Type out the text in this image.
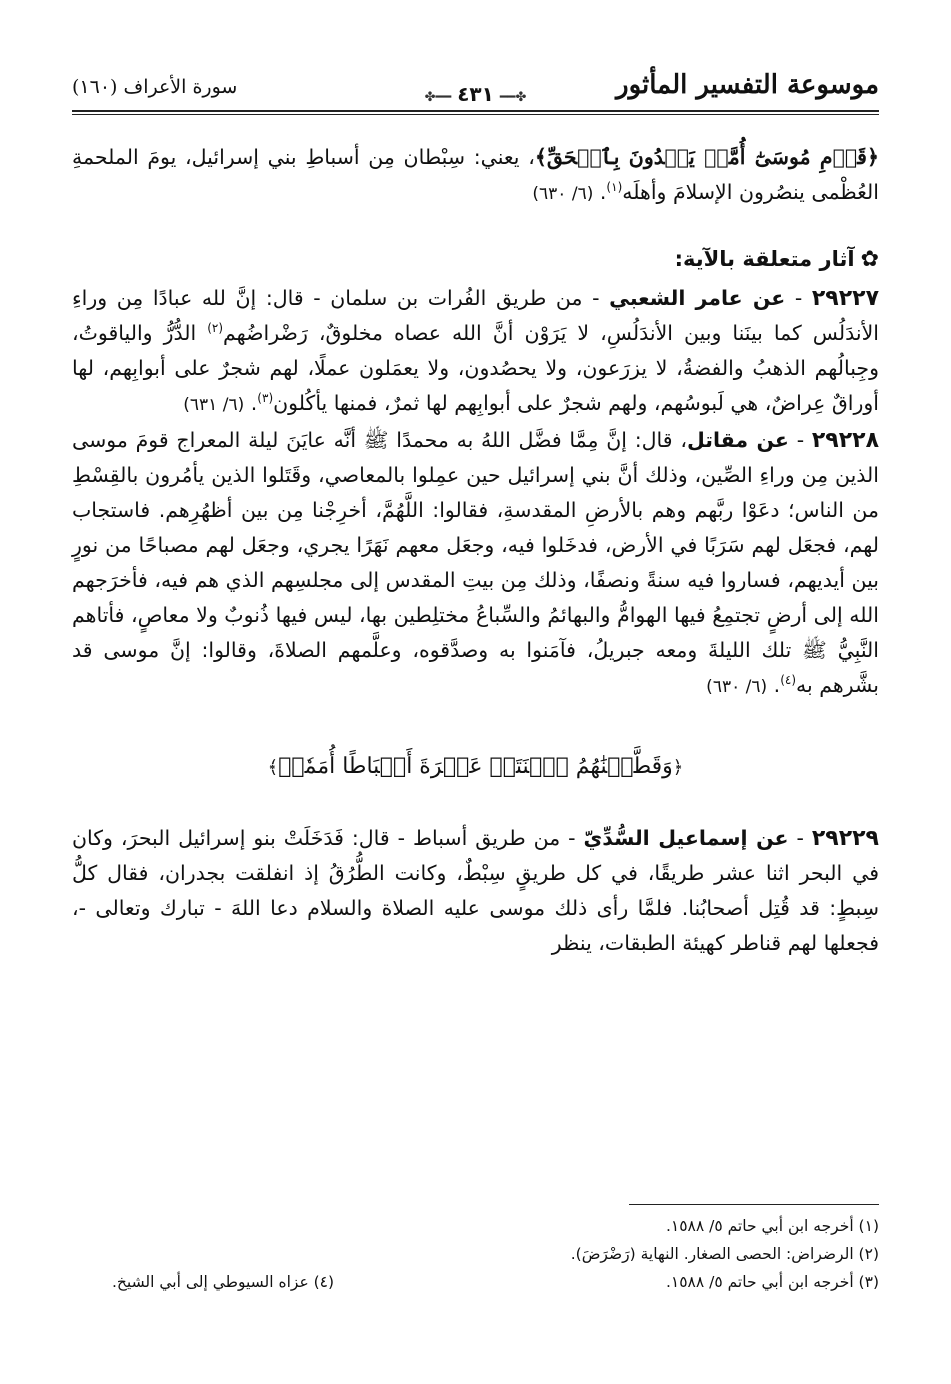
موسوعة التفسير المأثور
✤━━٤٣١━━✤
سورة الأعراف (١٦٠)

﴿قَوۡمِ مُوسَىٰٓ أُمَّةٞ يَهۡدُونَ بِٱلۡحَقِّ﴾، يعني: سِبْطان مِن أسباطِ بني إسرائيل، يومَ الملحمةِ العُظْمى ينصُرون الإسلامَ وأهلَه$^{(١)}$. (٦/ ٦٣٠)

✿آثار متعلقة بالآية:

٢٩٢٢٧ - عن عامر الشعبي - من طريق الفُرات بن سلمان - قال: إنَّ لله عبادًا مِن وراءِ الأندَلُس كما بينَنا وبين الأندَلُسِ، لا يَرَوْن أنَّ الله عصاه مخلوقٌ، رَضْراضُهم$^{(٢)}$ الدُّرُّ والياقوتُ، وجِبالُهم الذهبُ والفضةُ، لا يزرَعون، ولا يحصُدون، ولا يعمَلون عملًا، لهم شجرٌ على أبوابِهم، لها أوراقٌ عِراضٌ، هي لَبوسُهم، ولهم شجرٌ على أبوابِهم لها ثمرٌ، فمنها يأكُلون$^{(٣)}$. (٦/ ٦٣١)

٢٩٢٢٨ - عن مقاتل، قال: إنَّ مِمَّا فضَّل اللهُ به محمدًا ﷺ أنَّه عايَنَ ليلة المعراج قومَ موسى الذين مِن وراءِ الصِّين، وذلك أنَّ بني إسرائيل حين عمِلوا بالمعاصي، وقَتَلوا الذين يأمُرون بالقِسْطِ من الناس؛ دعَوْا ربَّهم وهم بالأرضِ المقدسةِ، فقالوا: اللَّهُمَّ، أخرِجْنا مِن بين أظهُرِهم. فاستجاب لهم، فجعَل لهم سَرَبًا في الأرض، فدخَلوا فيه، وجعَل معهم نَهَرًا يجري، وجعَل لهم مصباحًا من نورٍ بين أيديهم، فساروا فيه سنةً ونصفًا، وذلك مِن بيتِ المقدس إلى مجلسِهم الذي هم فيه، فأخرَجهم الله إلى أرضٍ تجتمِعُ فيها الهوامُّ والبهائمُ والسِّباعُ مختلِطين بها، ليس فيها ذُنوبٌ ولا معاصٍ، فأتاهم النَّبِيُّ ﷺ تلك الليلةَ ومعه جبريلُ، فآمَنوا به وصدَّقوه، وعلَّمهم الصلاةَ، وقالوا: إنَّ موسى قد بشَّرهم به$^{(٤)}$. (٦/ ٦٣٠)

﴿وَقَطَّعۡنَٰهُمُ ٱثۡنَتَيۡ عَشۡرَةَ أَسۡبَاطًا أُمَمٗاۚ﴾

٢٩٢٢٩ - عن إسماعيل السُّدِّيّ - من طريق أسباط - قال: فَدَخَلَتْ بنو إسرائيل البحرَ، وكان في البحر اثنا عشر طريقًا، في كل طريقٍ سِبْطٌ، وكانت الطُّرُقُ إذ انفلقت بجدران، فقال كلُّ سِبطٍ: قد قُتِل أصحابُنا. فلمَّا رأى ذلك موسى عليه الصلاة والسلام دعا اللهَ - تبارك وتعالى -، فجعلها لهم قناطر كهيئة الطبقات، ينظر

(١) أخرجه ابن أبي حاتم ٥/ ١٥٨٨.
(٢) الرضراض: الحصى الصغار. النهاية (رَضْرَضَ).
(٣) أخرجه ابن أبي حاتم ٥/ ١٥٨٨.
(٤) عزاه السيوطي إلى أبي الشيخ.
